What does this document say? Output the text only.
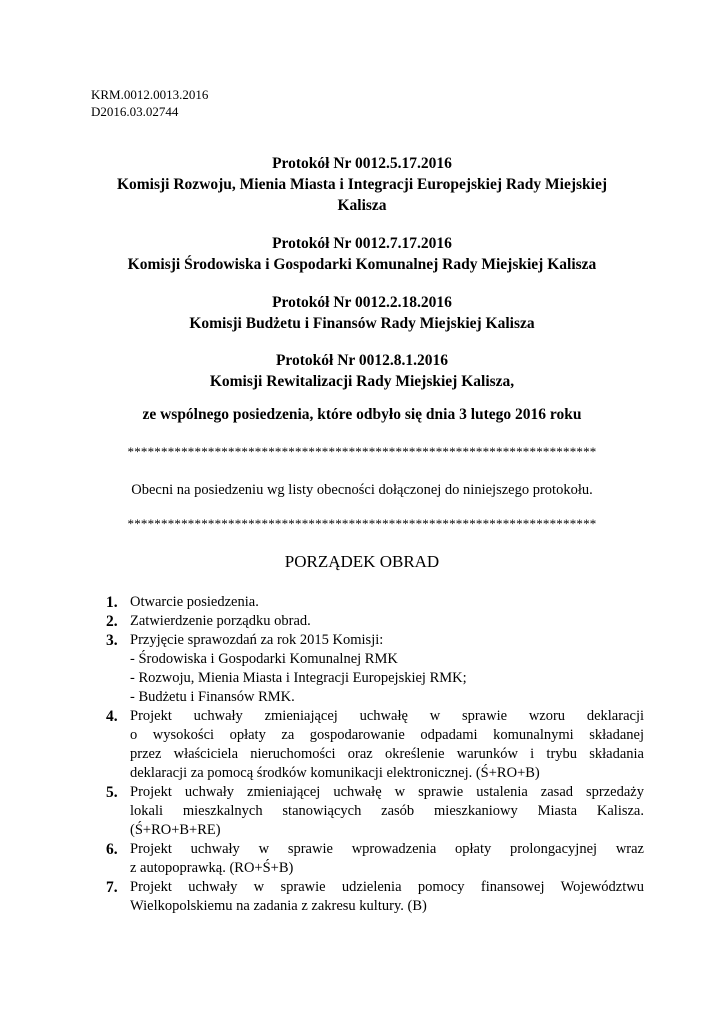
KRM.0012.0013.2016
D2016.03.02744
Protokół Nr 0012.5.17.2016
Komisji Rozwoju, Mienia Miasta i Integracji Europejskiej Rady Miejskiej
Kalisza
Protokół Nr 0012.7.17.2016
Komisji Środowiska i Gospodarki Komunalnej Rady Miejskiej Kalisza
Protokół Nr 0012.2.18.2016
Komisji Budżetu i Finansów Rady Miejskiej Kalisza
Protokół Nr 0012.8.1.2016
Komisji Rewitalizacji Rady Miejskiej Kalisza,
ze wspólnego posiedzenia, które odbyło się dnia 3 lutego 2016 roku
**********************************************************************
Obecni na posiedzeniu wg listy obecności dołączonej do niniejszego protokołu.
**********************************************************************
PORZĄDEK OBRAD
1. Otwarcie posiedzenia.
2. Zatwierdzenie porządku obrad.
3. Przyjęcie sprawozdań za rok 2015 Komisji:
- Środowiska i Gospodarki Komunalnej RMK
- Rozwoju, Mienia Miasta i Integracji Europejskiej RMK;
- Budżetu i Finansów RMK.
4. Projekt uchwały zmieniającej uchwałę w sprawie wzoru deklaracji
o wysokości opłaty za gospodarowanie odpadami komunalnymi składanej
przez właściciela nieruchomości oraz określenie warunków i trybu składania
deklaracji za pomocą środków komunikacji elektronicznej. (Ś+RO+B)
5. Projekt uchwały zmieniającej uchwałę w sprawie ustalenia zasad sprzedaży
lokali mieszkalnych stanowiących zasób mieszkaniowy Miasta Kalisza.
(Ś+RO+B+RE)
6. Projekt uchwały w sprawie wprowadzenia opłaty prolongacyjnej wraz
z autopoprawką. (RO+Ś+B)
7. Projekt uchwały w sprawie udzielenia pomocy finansowej Województwu
Wielkopolskiemu na zadania z zakresu kultury. (B)
